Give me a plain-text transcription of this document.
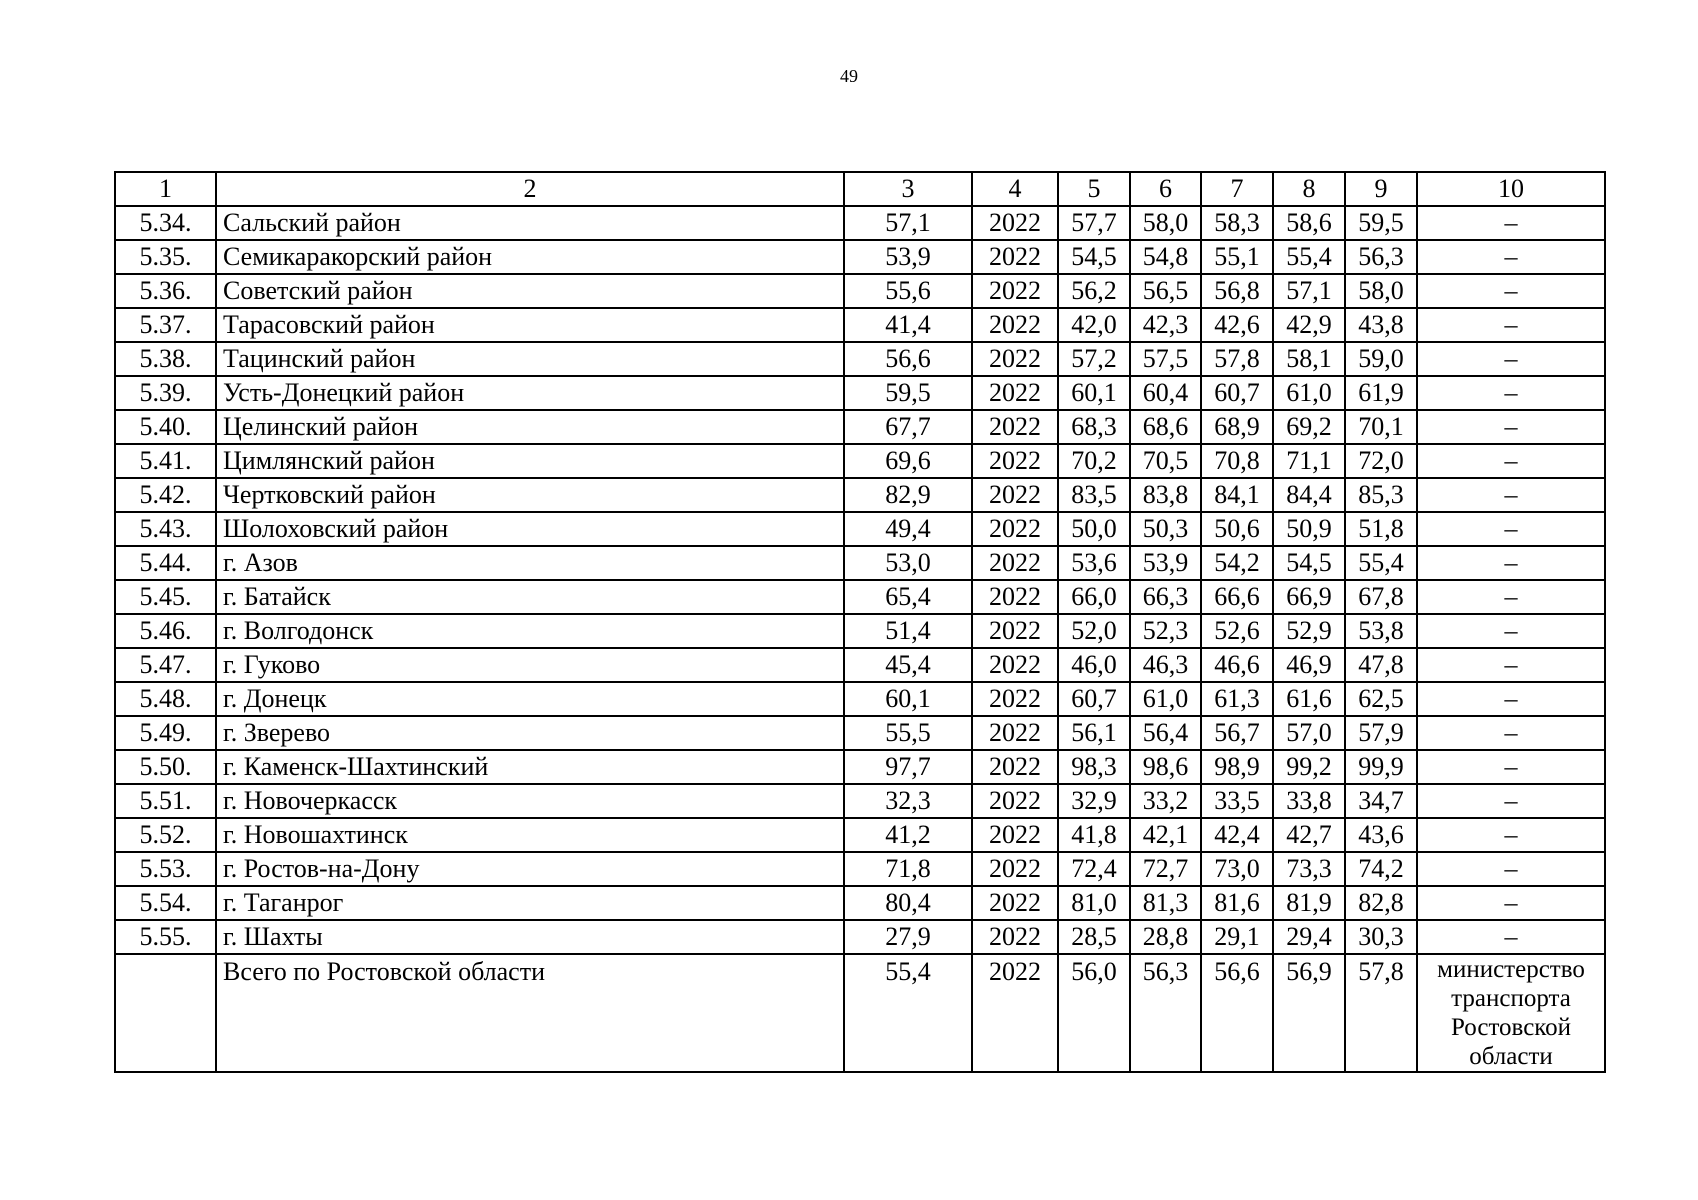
49
1	2	3	4	5	6	7	8	9	10
5.34.	Сальский район	57,1	2022	57,7	58,0	58,3	58,6	59,5	–
5.35.	Семикаракорский район	53,9	2022	54,5	54,8	55,1	55,4	56,3	–
5.36.	Советский район	55,6	2022	56,2	56,5	56,8	57,1	58,0	–
5.37.	Тарасовский район	41,4	2022	42,0	42,3	42,6	42,9	43,8	–
5.38.	Тацинский район	56,6	2022	57,2	57,5	57,8	58,1	59,0	–
5.39.	Усть-Донецкий район	59,5	2022	60,1	60,4	60,7	61,0	61,9	–
5.40.	Целинский район	67,7	2022	68,3	68,6	68,9	69,2	70,1	–
5.41.	Цимлянский район	69,6	2022	70,2	70,5	70,8	71,1	72,0	–
5.42.	Чертковский район	82,9	2022	83,5	83,8	84,1	84,4	85,3	–
5.43.	Шолоховский район	49,4	2022	50,0	50,3	50,6	50,9	51,8	–
5.44.	г. Азов	53,0	2022	53,6	53,9	54,2	54,5	55,4	–
5.45.	г. Батайск	65,4	2022	66,0	66,3	66,6	66,9	67,8	–
5.46.	г. Волгодонск	51,4	2022	52,0	52,3	52,6	52,9	53,8	–
5.47.	г. Гуково	45,4	2022	46,0	46,3	46,6	46,9	47,8	–
5.48.	г. Донецк	60,1	2022	60,7	61,0	61,3	61,6	62,5	–
5.49.	г. Зверево	55,5	2022	56,1	56,4	56,7	57,0	57,9	–
5.50.	г. Каменск-Шахтинский	97,7	2022	98,3	98,6	98,9	99,2	99,9	–
5.51.	г. Новочеркасск	32,3	2022	32,9	33,2	33,5	33,8	34,7	–
5.52.	г. Новошахтинск	41,2	2022	41,8	42,1	42,4	42,7	43,6	–
5.53.	г. Ростов-на-Дону	71,8	2022	72,4	72,7	73,0	73,3	74,2	–
5.54.	г. Таганрог	80,4	2022	81,0	81,3	81,6	81,9	82,8	–
5.55.	г. Шахты	27,9	2022	28,5	28,8	29,1	29,4	30,3	–
	Всего по Ростовской области	55,4	2022	56,0	56,3	56,6	56,9	57,8	министерство транспорта Ростовской области
